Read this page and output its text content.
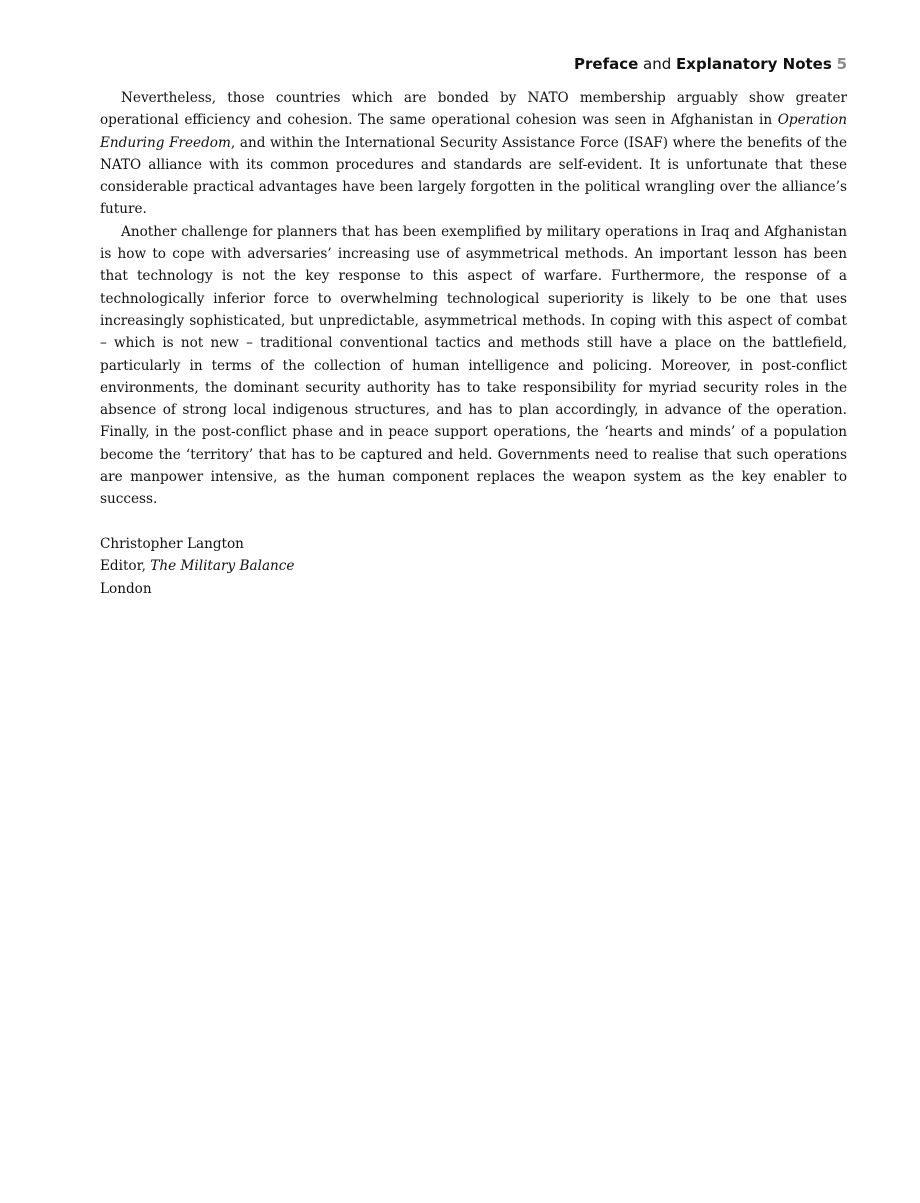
Preface and Explanatory Notes 5

Nevertheless, those countries which are bonded by NATO membership arguably show greater operational efficiency and cohesion. The same operational cohesion was seen in Afghanistan in Operation Enduring Freedom, and within the International Security Assistance Force (ISAF) where the benefits of the NATO alliance with its common procedures and standards are self-evident. It is unfortunate that these considerable practical advantages have been largely forgotten in the political wrangling over the alliance’s future.

Another challenge for planners that has been exemplified by military operations in Iraq and Afghanistan is how to cope with adversaries’ increasing use of asymmetrical methods. An important lesson has been that technology is not the key response to this aspect of warfare. Furthermore, the response of a technologically inferior force to overwhelming technological superiority is likely to be one that uses increasingly sophisticated, but unpredictable, asymmetrical methods. In coping with this aspect of combat – which is not new – traditional conventional tactics and methods still have a place on the battlefield, particularly in terms of the collection of human intelligence and policing. Moreover, in post-conflict environments, the dominant security authority has to take responsibility for myriad security roles in the absence of strong local indigenous structures, and has to plan accordingly, in advance of the operation. Finally, in the post-conflict phase and in peace support operations, the ‘hearts and minds’ of a population become the ‘territory’ that has to be captured and held. Governments need to realise that such operations are manpower intensive, as the human component replaces the weapon system as the key enabler to success.

Christopher Langton
Editor, The Military Balance
London
